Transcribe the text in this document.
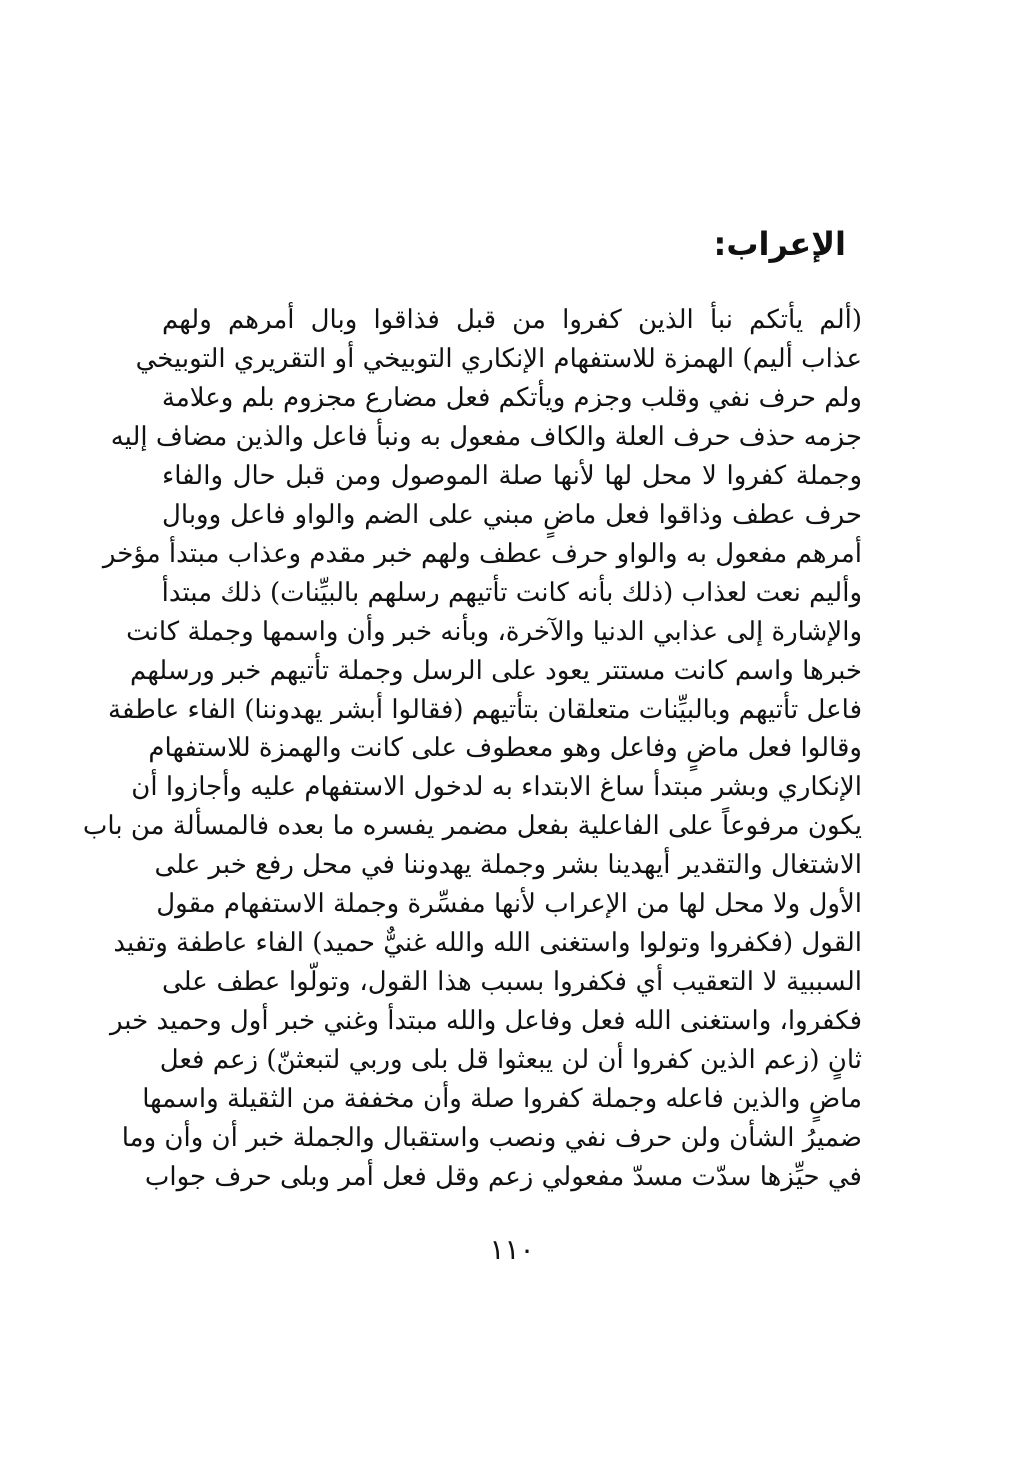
الإعراب:
(ألم يأتكم نبأ الذين كفروا من قبل فذاقوا وبال أمرهم ولهم
عذاب أليم) الهمزة للاستفهام الإنكاري التوبيخي أو التقريري التوبيخي
ولم حرف نفي وقلب وجزم ويأتكم فعل مضارع مجزوم بلم وعلامة
جزمه حذف حرف العلة والكاف مفعول به ونبأ فاعل والذين مضاف إليه
وجملة كفروا لا محل لها لأنها صلة الموصول ومن قبل حال والفاء
حرف عطف وذاقوا فعل ماضٍ مبني على الضم والواو فاعل ووبال
أمرهم مفعول به والواو حرف عطف ولهم خبر مقدم وعذاب مبتدأ مؤخر
وأليم نعت لعذاب (ذلك بأنه كانت تأتيهم رسلهم بالبيِّنات) ذلك مبتدأ
والإشارة إلى عذابي الدنيا والآخرة، وبأنه خبر وأن واسمها وجملة كانت
خبرها واسم كانت مستتر يعود على الرسل وجملة تأتيهم خبر ورسلهم
فاعل تأتيهم وبالبيِّنات متعلقان بتأتيهم (فقالوا أبشر يهدوننا) الفاء عاطفة
وقالوا فعل ماضٍ وفاعل وهو معطوف على كانت والهمزة للاستفهام
الإنكاري وبشر مبتدأ ساغ الابتداء به لدخول الاستفهام عليه وأجازوا أن
يكون مرفوعاً على الفاعلية بفعل مضمر يفسره ما بعده فالمسألة من باب
الاشتغال والتقدير أيهدينا بشر وجملة يهدوننا في محل رفع خبر على
الأول ولا محل لها من الإعراب لأنها مفسِّرة وجملة الاستفهام مقول
القول (فكفروا وتولوا واستغنى الله والله غنيٌّ حميد) الفاء عاطفة وتفيد
السببية لا التعقيب أي فكفروا بسبب هذا القول، وتولّوا عطف على
فكفروا، واستغنى الله فعل وفاعل والله مبتدأ وغني خبر أول وحميد خبر
ثانٍ (زعم الذين كفروا أن لن يبعثوا قل بلى وربي لتبعثنّ) زعم فعل
ماضٍ والذين فاعله وجملة كفروا صلة وأن مخففة من الثقيلة واسمها
ضميرُ الشأن ولن حرف نفي ونصب واستقبال والجملة خبر أن وأن وما
في حيِّزها سدّت مسدّ مفعولي زعم وقل فعل أمر وبلى حرف جواب
١١٠
